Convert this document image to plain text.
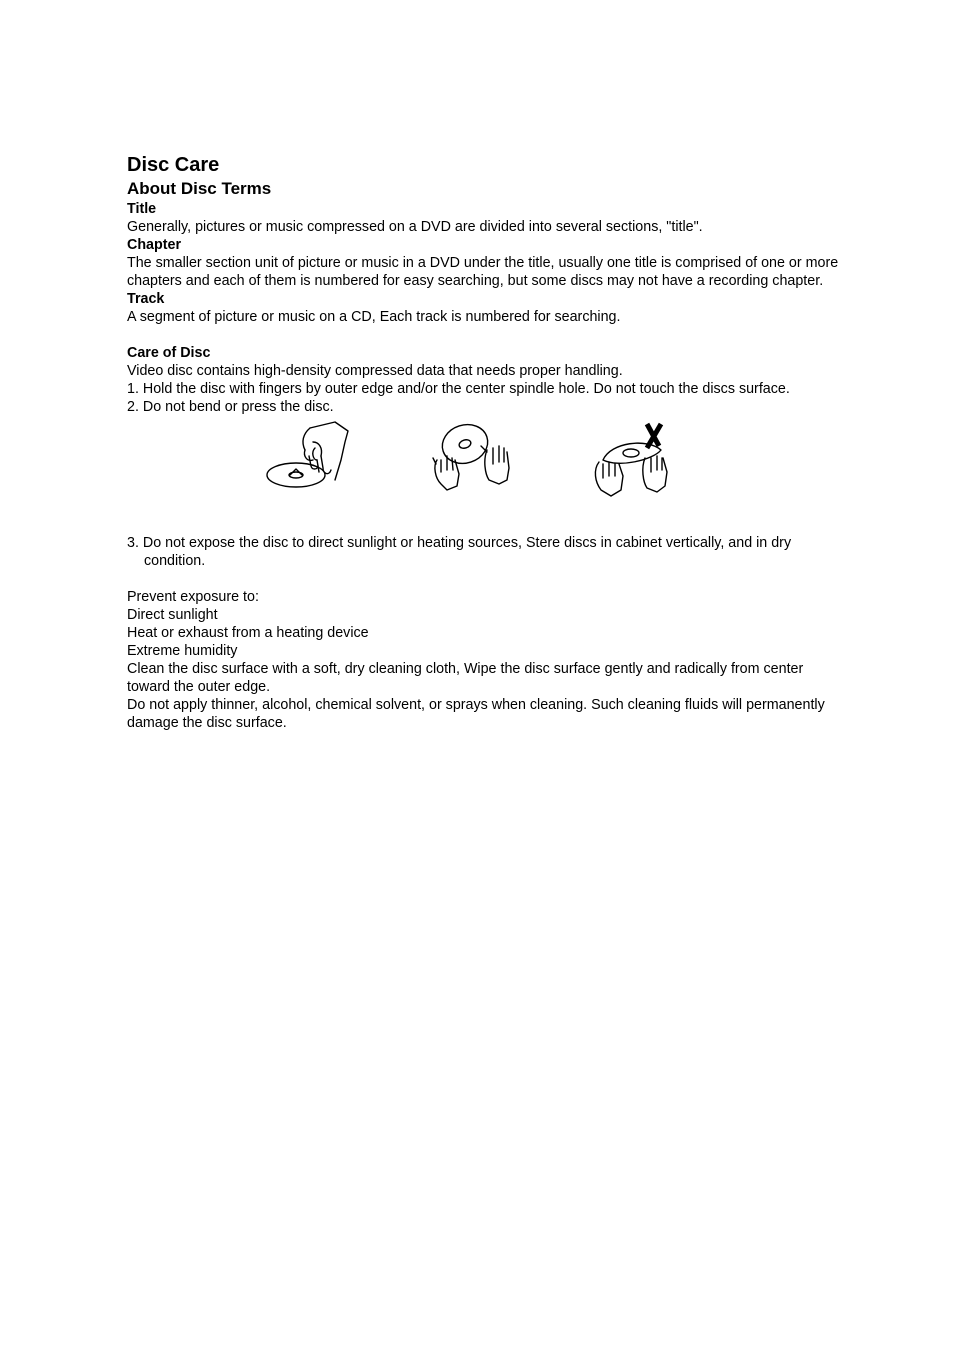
Disc Care
About Disc Terms
Title
Generally, pictures or music compressed on a DVD are divided into several sections, "title".
Chapter
The smaller section unit of picture or music in a DVD under the title, usually one title is comprised of one or more chapters and each of them is numbered for easy searching, but some discs may not have a recording chapter.
Track
A segment of picture or music on a CD, Each track is numbered for searching.
Care of Disc
Video disc contains high-density compressed data that needs proper handling.
1. Hold the disc with fingers by outer edge and/or the center spindle hole. Do not touch the discs surface.
2. Do not bend or press the disc.
3. Do not expose the disc to direct sunlight or heating sources, Stere discs in cabinet vertically, and in dry condition.
Prevent exposure to:
Direct sunlight
Heat or exhaust from a heating device
Extreme humidity
Clean the disc surface with a soft, dry cleaning cloth, Wipe the disc surface gently and radically from center toward the outer edge.
Do not apply thinner, alcohol, chemical solvent, or sprays when cleaning. Such cleaning fluids will permanently damage the disc surface.
